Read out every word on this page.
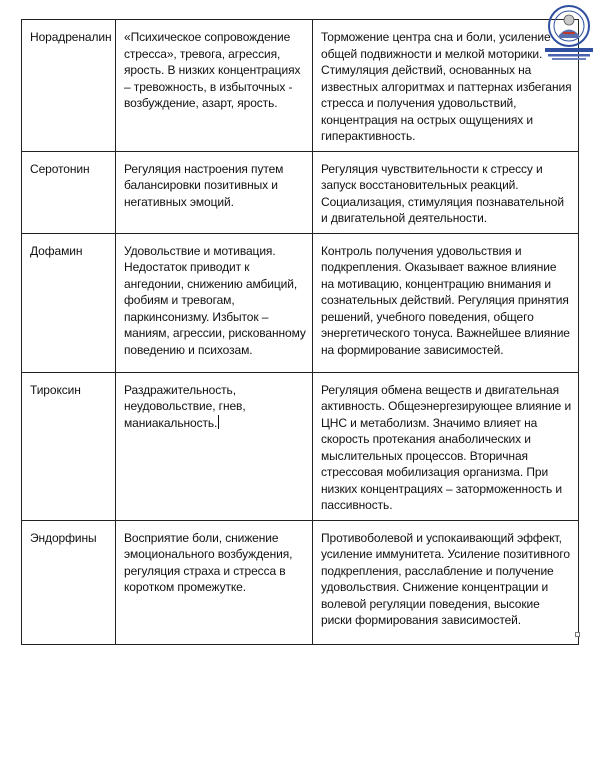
Норадреналин	«Психическое сопровождение стресса», тревога, агрессия, ярость. В низких концентрациях – тревожность, в избыточных - возбуждение, азарт, ярость.	Торможение центра сна и боли, усиление общей подвижности и мелкой моторики. Стимуляция действий, основанных на известных алгоритмах и паттернах избегания стресса и получения удовольствий, концентрация на острых ощущениях и гиперактивность.
Серотонин	Регуляция настроения путем балансировки позитивных и негативных эмоций.	Регуляция чувствительности к стрессу и запуск восстановительных реакций. Социализация, стимуляция познавательной и двигательной деятельности.
Дофамин	Удовольствие и мотивация. Недостаток приводит к ангедонии, снижению амбиций, фобиям и тревогам, паркинсонизму. Избыток – маниям, агрессии, рискованному поведению и психозам.	Контроль получения удовольствия и подкрепления. Оказывает важное влияние на мотивацию, концентрацию внимания и сознательных действий. Регуляция принятия решений, учебного поведения, общего энергетического тонуса. Важнейшее влияние на формирование зависимостей.
Тироксин	Раздражительность, неудовольствие, гнев, маниакальность.	Регуляция обмена веществ и двигательная активность. Общеэнергезирующее влияние и ЦНС и метаболизм. Значимо влияет на скорость протекания анаболических и мыслительных процессов. Вторичная стрессовая мобилизация организма. При низких концентрациях – заторможенность и пассивность.
Эндорфины	Восприятие боли, снижение эмоционального возбуждения, регуляция страха и стресса в коротком промежутке.	Противоболевой и успокаивающий эффект, усиление иммунитета. Усиление позитивного подкрепления, расслабление и получение удовольствия. Снижение концентрации и волевой регуляции поведения, высокие риски формирования зависимостей.
